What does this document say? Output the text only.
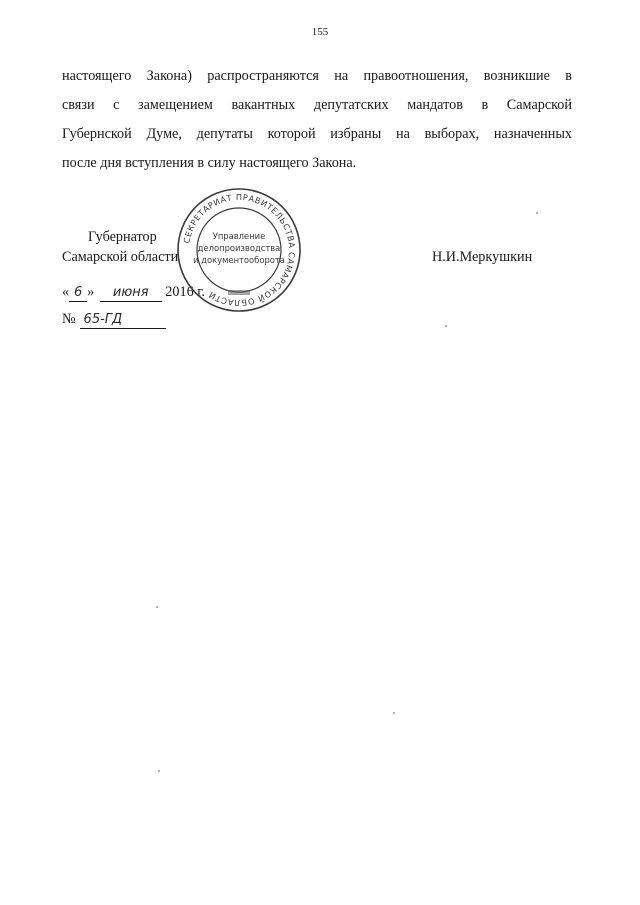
155

настоящего Закона) распространяются на правоотношения, возникшие в
связи с замещением вакантных депутатских мандатов в Самарской
Губернской Думе, депутаты которой избраны на выборах, назначенных
после дня вступления в силу настоящего Закона.

Губернатор
Самарской области	Н.И.Меркушкин
« 6 » июня 2016 г.
№ 65-ГД
СЕКРЕТАРИАТ ПРАВИТЕЛЬСТВА САМАРСКОЙ ОБЛАСТИ
Управление
делопроизводства
и документооборота
